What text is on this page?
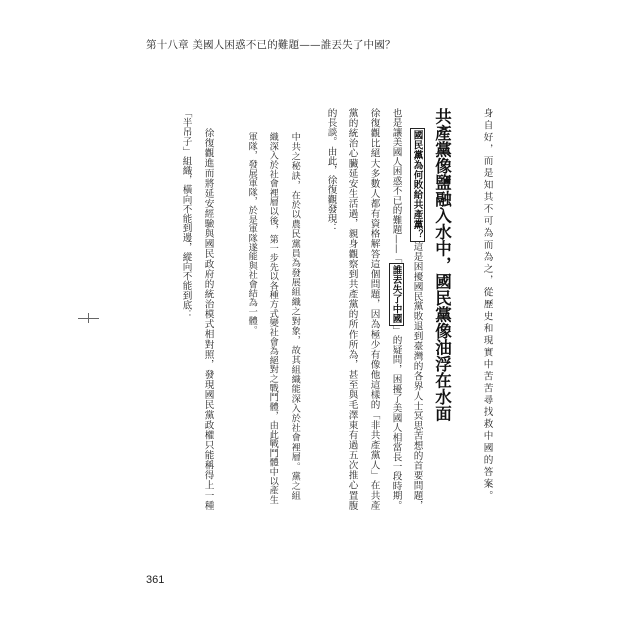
第十八章 美國人困惑不已的難題——誰丟失了中國？
身自好，而是知其不可為而為之，從歷史和現實中苦苦尋找救中國的答案。
共產黨像鹽融入水中，國民黨像油浮在水面
國民黨為何敗給共產黨？這是困擾國民黨敗退到臺灣的各界人士冥思苦想的首要問題，
也是讓美國人困惑不已的難題——「誰丟失了中國」的疑問，困擾了美國人相當長一段時期。
徐復觀比絕大多數人都有資格解答這個問題，因為極少有像他這樣的「非共產黨人」在共產
黨的統治心臟延安生活過，親身觀察到共產黨的所作所為，甚至與毛澤東有過五次推心置腹
的長談。由此，徐復觀發現：
中共之秘訣，在於以農民黨員為發展組織之對象，故其組織能深入於社會裡層。黨之組
織深入於社會裡層以後，第一步先以各種方式變社會為絕對之戰鬥體，由此戰鬥體中以產生
軍隊，發展軍隊，於是軍隊遂能與社會結為一體。
徐復觀進而將延安經驗與國民政府的統治模式相對照，發現國民黨政權只能稱得上一種
「半吊子」組織，橫向不能到邊，縱向不能到底：
361
